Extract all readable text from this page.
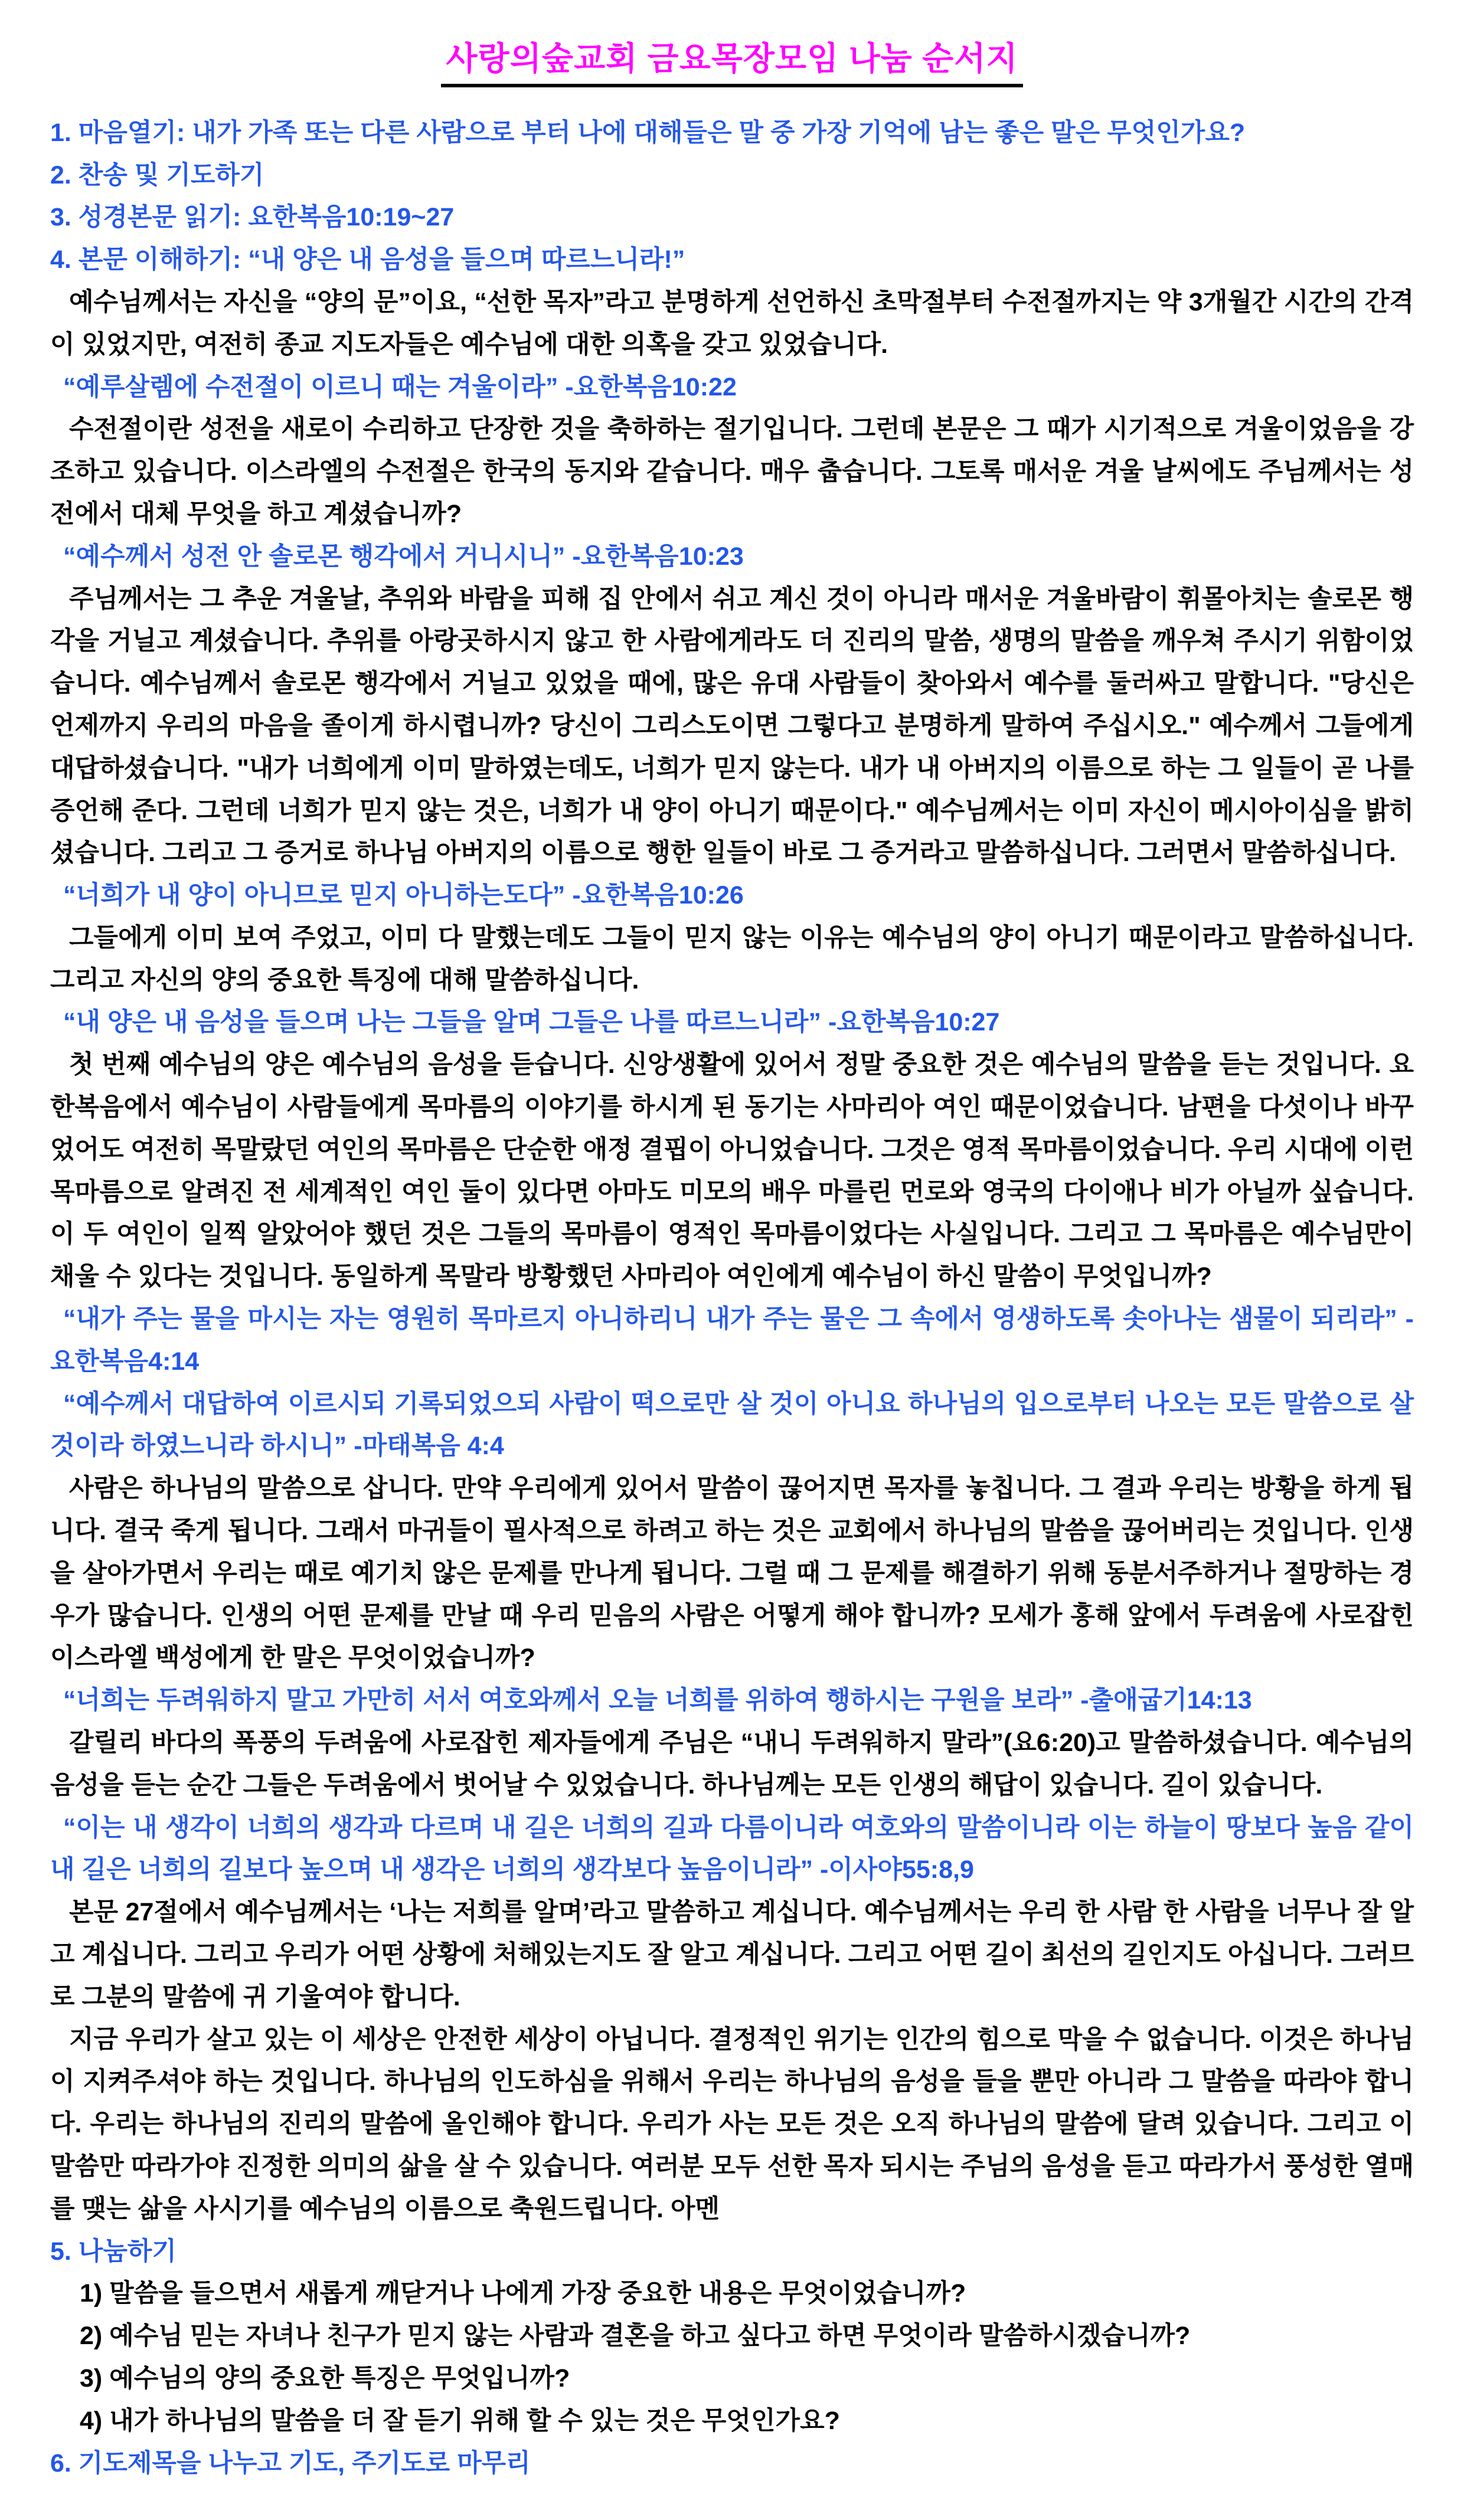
사랑의숲교회 금요목장모임 나눔 순서지

1. 마음열기: 내가 가족 또는 다른 사람으로 부터 나에 대해들은 말 중 가장 기억에 남는 좋은 말은 무엇인가요?

2. 찬송 및 기도하기

3. 성경본문 읽기: 요한복음10:19~27

4. 본문 이해하기: “내 양은 내 음성을 들으며 따르느니라!”

예수님께서는 자신을 “양의 문”이요, “선한 목자”라고 분명하게 선언하신 초막절부터 수전절까지는 약 3개월간 시간의 간격이 있었지만, 여전히 종교 지도자들은 예수님에 대한 의혹을 갖고 있었습니다.

“예루살렘에 수전절이 이르니 때는 겨울이라” -요한복음10:22

수전절이란 성전을 새로이 수리하고 단장한 것을 축하하는 절기입니다. 그런데 본문은 그 때가 시기적으로 겨울이었음을 강조하고 있습니다. 이스라엘의 수전절은 한국의 동지와 같습니다. 매우 춥습니다. 그토록 매서운 겨울 날씨에도 주님께서는 성전에서 대체 무엇을 하고 계셨습니까?

“예수께서 성전 안 솔로몬 행각에서 거니시니” -요한복음10:23

주님께서는 그 추운 겨울날, 추위와 바람을 피해 집 안에서 쉬고 계신 것이 아니라 매서운 겨울바람이 휘몰아치는 솔로몬 행각을 거닐고 계셨습니다. 추위를 아랑곳하시지 않고 한 사람에게라도 더 진리의 말씀, 생명의 말씀을 깨우쳐 주시기 위함이었습니다. 예수님께서 솔로몬 행각에서 거닐고 있었을 때에, 많은 유대 사람들이 찾아와서 예수를 둘러싸고 말합니다. "당신은 언제까지 우리의 마음을 졸이게 하시렵니까? 당신이 그리스도이면 그렇다고 분명하게 말하여 주십시오." 예수께서 그들에게 대답하셨습니다. "내가 너희에게 이미 말하였는데도, 너희가 믿지 않는다. 내가 내 아버지의 이름으로 하는 그 일들이 곧 나를 증언해 준다. 그런데 너희가 믿지 않는 것은, 너희가 내 양이 아니기 때문이다." 예수님께서는 이미 자신이 메시아이심을 밝히셨습니다. 그리고 그 증거로 하나님 아버지의 이름으로 행한 일들이 바로 그 증거라고 말씀하십니다. 그러면서 말씀하십니다.

“너희가 내 양이 아니므로 믿지 아니하는도다” -요한복음10:26

그들에게 이미 보여 주었고, 이미 다 말했는데도 그들이 믿지 않는 이유는 예수님의 양이 아니기 때문이라고 말씀하십니다. 그리고 자신의 양의 중요한 특징에 대해 말씀하십니다.

“내 양은 내 음성을 들으며 나는 그들을 알며 그들은 나를 따르느니라” -요한복음10:27

첫 번째 예수님의 양은 예수님의 음성을 듣습니다. 신앙생활에 있어서 정말 중요한 것은 예수님의 말씀을 듣는 것입니다. 요한복음에서 예수님이 사람들에게 목마름의 이야기를 하시게 된 동기는 사마리아 여인 때문이었습니다. 남편을 다섯이나 바꾸었어도 여전히 목말랐던 여인의 목마름은 단순한 애정 결핍이 아니었습니다. 그것은 영적 목마름이었습니다. 우리 시대에 이런 목마름으로 알려진 전 세계적인 여인 둘이 있다면 아마도 미모의 배우 마를린 먼로와 영국의 다이애나 비가 아닐까 싶습니다. 이 두 여인이 일찍 알았어야 했던 것은 그들의 목마름이 영적인 목마름이었다는 사실입니다. 그리고 그 목마름은 예수님만이 채울 수 있다는 것입니다. 동일하게 목말라 방황했던 사마리아 여인에게 예수님이 하신 말씀이 무엇입니까?

“내가 주는 물을 마시는 자는 영원히 목마르지 아니하리니 내가 주는 물은 그 속에서 영생하도록 솟아나는 샘물이 되리라” -요한복음4:14

“예수께서 대답하여 이르시되 기록되었으되 사람이 떡으로만 살 것이 아니요 하나님의 입으로부터 나오는 모든 말씀으로 살 것이라 하였느니라 하시니” -마태복음 4:4

사람은 하나님의 말씀으로 삽니다. 만약 우리에게 있어서 말씀이 끊어지면 목자를 놓칩니다. 그 결과 우리는 방황을 하게 됩니다. 결국 죽게 됩니다. 그래서 마귀들이 필사적으로 하려고 하는 것은 교회에서 하나님의 말씀을 끊어버리는 것입니다. 인생을 살아가면서 우리는 때로 예기치 않은 문제를 만나게 됩니다. 그럴 때 그 문제를 해결하기 위해 동분서주하거나 절망하는 경우가 많습니다. 인생의 어떤 문제를 만날 때 우리 믿음의 사람은 어떻게 해야 합니까? 모세가 홍해 앞에서 두려움에 사로잡힌 이스라엘 백성에게 한 말은 무엇이었습니까?

“너희는 두려워하지 말고 가만히 서서 여호와께서 오늘 너희를 위하여 행하시는 구원을 보라” -출애굽기14:13

갈릴리 바다의 폭풍의 두려움에 사로잡힌 제자들에게 주님은 “내니 두려워하지 말라”(요6:20)고 말씀하셨습니다. 예수님의 음성을 듣는 순간 그들은 두려움에서 벗어날 수 있었습니다. 하나님께는 모든 인생의 해답이 있습니다. 길이 있습니다.

“이는 내 생각이 너희의 생각과 다르며 내 길은 너희의 길과 다름이니라 여호와의 말씀이니라 이는 하늘이 땅보다 높음 같이 내 길은 너희의 길보다 높으며 내 생각은 너희의 생각보다 높음이니라” -이사야55:8,9

본문 27절에서 예수님께서는 ‘나는 저희를 알며’라고 말씀하고 계십니다. 예수님께서는 우리 한 사람 한 사람을 너무나 잘 알고 계십니다. 그리고 우리가 어떤 상황에 처해있는지도 잘 알고 계십니다. 그리고 어떤 길이 최선의 길인지도 아십니다. 그러므로 그분의 말씀에 귀 기울여야 합니다.

지금 우리가 살고 있는 이 세상은 안전한 세상이 아닙니다. 결정적인 위기는 인간의 힘으로 막을 수 없습니다. 이것은 하나님이 지켜주셔야 하는 것입니다. 하나님의 인도하심을 위해서 우리는 하나님의 음성을 들을 뿐만 아니라 그 말씀을 따라야 합니다. 우리는 하나님의 진리의 말씀에 올인해야 합니다. 우리가 사는 모든 것은 오직 하나님의 말씀에 달려 있습니다. 그리고 이 말씀만 따라가야 진정한 의미의 삶을 살 수 있습니다. 여러분 모두 선한 목자 되시는 주님의 음성을 듣고 따라가서 풍성한 열매를 맺는 삶을 사시기를 예수님의 이름으로 축원드립니다. 아멘

5. 나눔하기

1) 말씀을 들으면서 새롭게 깨닫거나 나에게 가장 중요한 내용은 무엇이었습니까?

2) 예수님 믿는 자녀나 친구가 믿지 않는 사람과 결혼을 하고 싶다고 하면 무엇이라 말씀하시겠습니까?

3) 예수님의 양의 중요한 특징은 무엇입니까?

4) 내가 하나님의 말씀을 더 잘 듣기 위해 할 수 있는 것은 무엇인가요?

6. 기도제목을 나누고 기도, 주기도로 마무리
